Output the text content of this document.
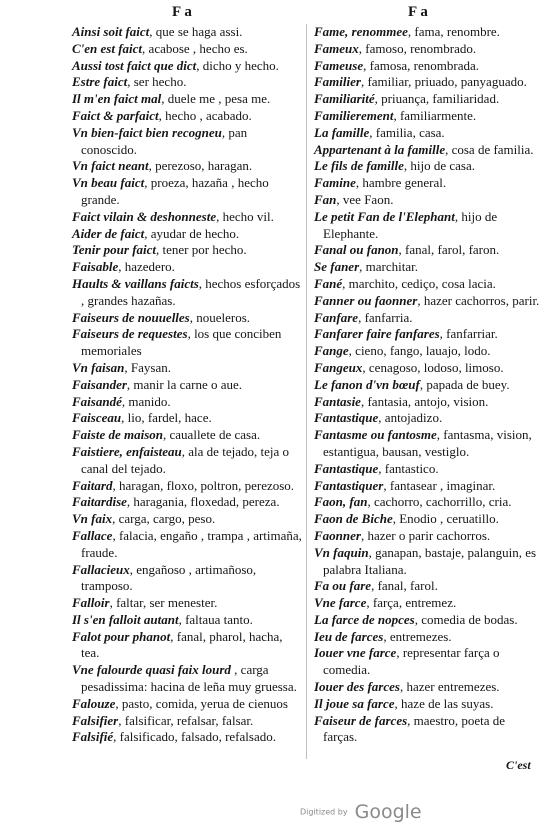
F a	F a

Ainsi soit faict, que se haga assi.

C'en est faict, acabose , hecho es.

Aussi tost faict que dict, dicho y hecho.

Estre faict, ser hecho.

Il m'en faict mal, duele me , pesa me.

Faict & parfaict, hecho , acabado.

Vn bien-faict bien recogneu, pan conoscido.

Vn faict neant, perezoso, haragan.

Vn beau faict, proeza, hazaña , hecho grande.

Faict vilain & deshonneste, hecho vil.

Aider de faict, ayudar de hecho.

Tenir pour faict, tener por hecho.

Faisable, hazedero.

Haults & vaillans faicts, hechos esforçados , grandes hazañas.

Faiseurs de nouuelles, noueleros.

Faiseurs de requestes, los que conciben memoriales

Vn faisan, Faysan.

Faisander, manir la carne o aue.

Faisandé, manido.

Faisceau, lio, fardel, hace.

Faiste de maison, cauallete de casa.

Faistiere, enfaisteau, ala de tejado, teja o canal del tejado.

Faitard, haragan, floxo, poltron, perezoso.

Faitardise, haragania, floxedad, pereza.

Vn faix, carga, cargo, peso.

Fallace, falacia, engaño , trampa , artimaña, fraude.

Fallacieux, engañoso , artimañoso, tramposo.

Falloir, faltar, ser menester.

Il s'en falloit autant, faltaua tanto.

Falot pour phanot, fanal, pharol, hacha, tea.

Vne falourde quasi faix lourd , carga pesadissima: hacina de leña muy gruessa.

Falouze, pasto, comida, yerua de cienuos

Falsifier, falsificar, refalsar, falsar.

Falsifié, falsificado, falsado, refalsado.

Fame, renommee, fama, renombre.

Fameux, famoso, renombrado.

Fameuse, famosa, renombrada.

Familier, familiar, priuado, panyaguado.

Familiarité, priuança, familiaridad.

Familierement, familiarmente.

La famille, familia, casa.

Appartenant à la famille, cosa de familia.

Le fils de famille, hijo de casa.

Famine, hambre general.

Fan, vee Faon.

Le petit Fan de l'Elephant, hijo de Elephante.

Fanal ou fanon, fanal, farol, faron.

Se faner, marchitar.

Fané, marchito, cediço, cosa lacia.

Fanner ou faonner, hazer cachorros, parir.

Fanfare, fanfarria.

Fanfarer faire fanfares, fanfarriar.

Fange, cieno, fango, lauajo, lodo.

Fangeux, cenagoso, lodoso, limoso.

Le fanon d'vn bœuf, papada de buey.

Fantasie, fantasia, antojo, vision.

Fantastique, antojadizo.

Fantasme ou fantosme, fantasma, vision, estantigua, bausan, vestiglo.

Fantastique, fantastico.

Fantastiquer, fantasear , imaginar.

Faon, fan, cachorro, cachorrillo, cria.

Faon de Biche, Enodio , ceruatillo.

Faonner, hazer o parir cachorros.

Vn faquin, ganapan, bastaje, palanguin, es palabra Italiana.

Fa ou fare, fanal, farol.

Vne farce, farça, entremez.

La farce de nopces, comedia de bodas.

Ieu de farces, entremezes.

Iouer vne farce, representar farça o comedia.

Iouer des farces, hazer entremezes.

Il joue sa farce, haze de las suyas.

Faiseur de farces, maestro, poeta de farças.

C'est
Digitized by Google
